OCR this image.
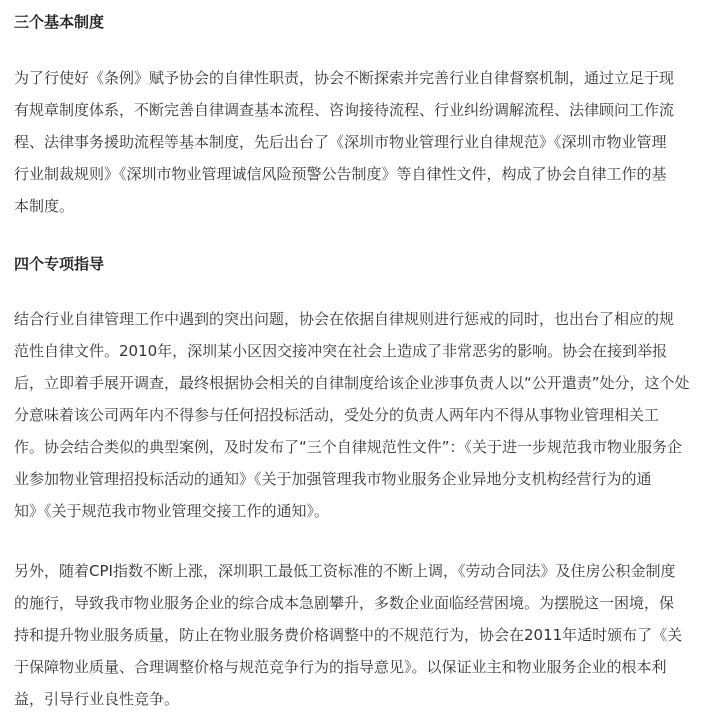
三个基本制度

为了行使好《条例》赋予协会的自律性职责，协会不断探索并完善行业自律督察机制，通过立足于现
有规章制度体系，不断完善自律调查基本流程、咨询接待流程、行业纠纷调解流程、法律顾问工作流
程、法律事务援助流程等基本制度，先后出台了《深圳市物业管理行业自律规范》《深圳市物业管理
行业制裁规则》《深圳市物业管理诚信风险预警公告制度》等自律性文件，构成了协会自律工作的基
本制度。

四个专项指导

结合行业自律管理工作中遇到的突出问题，协会在依据自律规则进行惩戒的同时，也出台了相应的规
范性自律文件。2010年，深圳某小区因交接冲突在社会上造成了非常恶劣的影响。协会在接到举报
后，立即着手展开调查，最终根据协会相关的自律制度给该企业涉事负责人以“公开遣责”处分，这个处
分意味着该公司两年内不得参与任何招投标活动，受处分的负责人两年内不得从事物业管理相关工
作。协会结合类似的典型案例，及时发布了“三个自律规范性文件”：《关于进一步规范我市物业服务企
业参加物业管理招投标活动的通知》《关于加强管理我市物业服务企业异地分支机构经营行为的通
知》《关于规范我市物业管理交接工作的通知》。

另外，随着CPI指数不断上涨，深圳职工最低工资标准的不断上调，《劳动合同法》及住房公积金制度
的施行，导致我市物业服务企业的综合成本急剧攀升，多数企业面临经营困境。为摆脱这一困境，保
持和提升物业服务质量，防止在物业服务费价格调整中的不规范行为，协会在2011年适时颁布了《关
于保障物业质量、合理调整价格与规范竞争行为的指导意见》。以保证业主和物业服务企业的根本利
益，引导行业良性竞争。
